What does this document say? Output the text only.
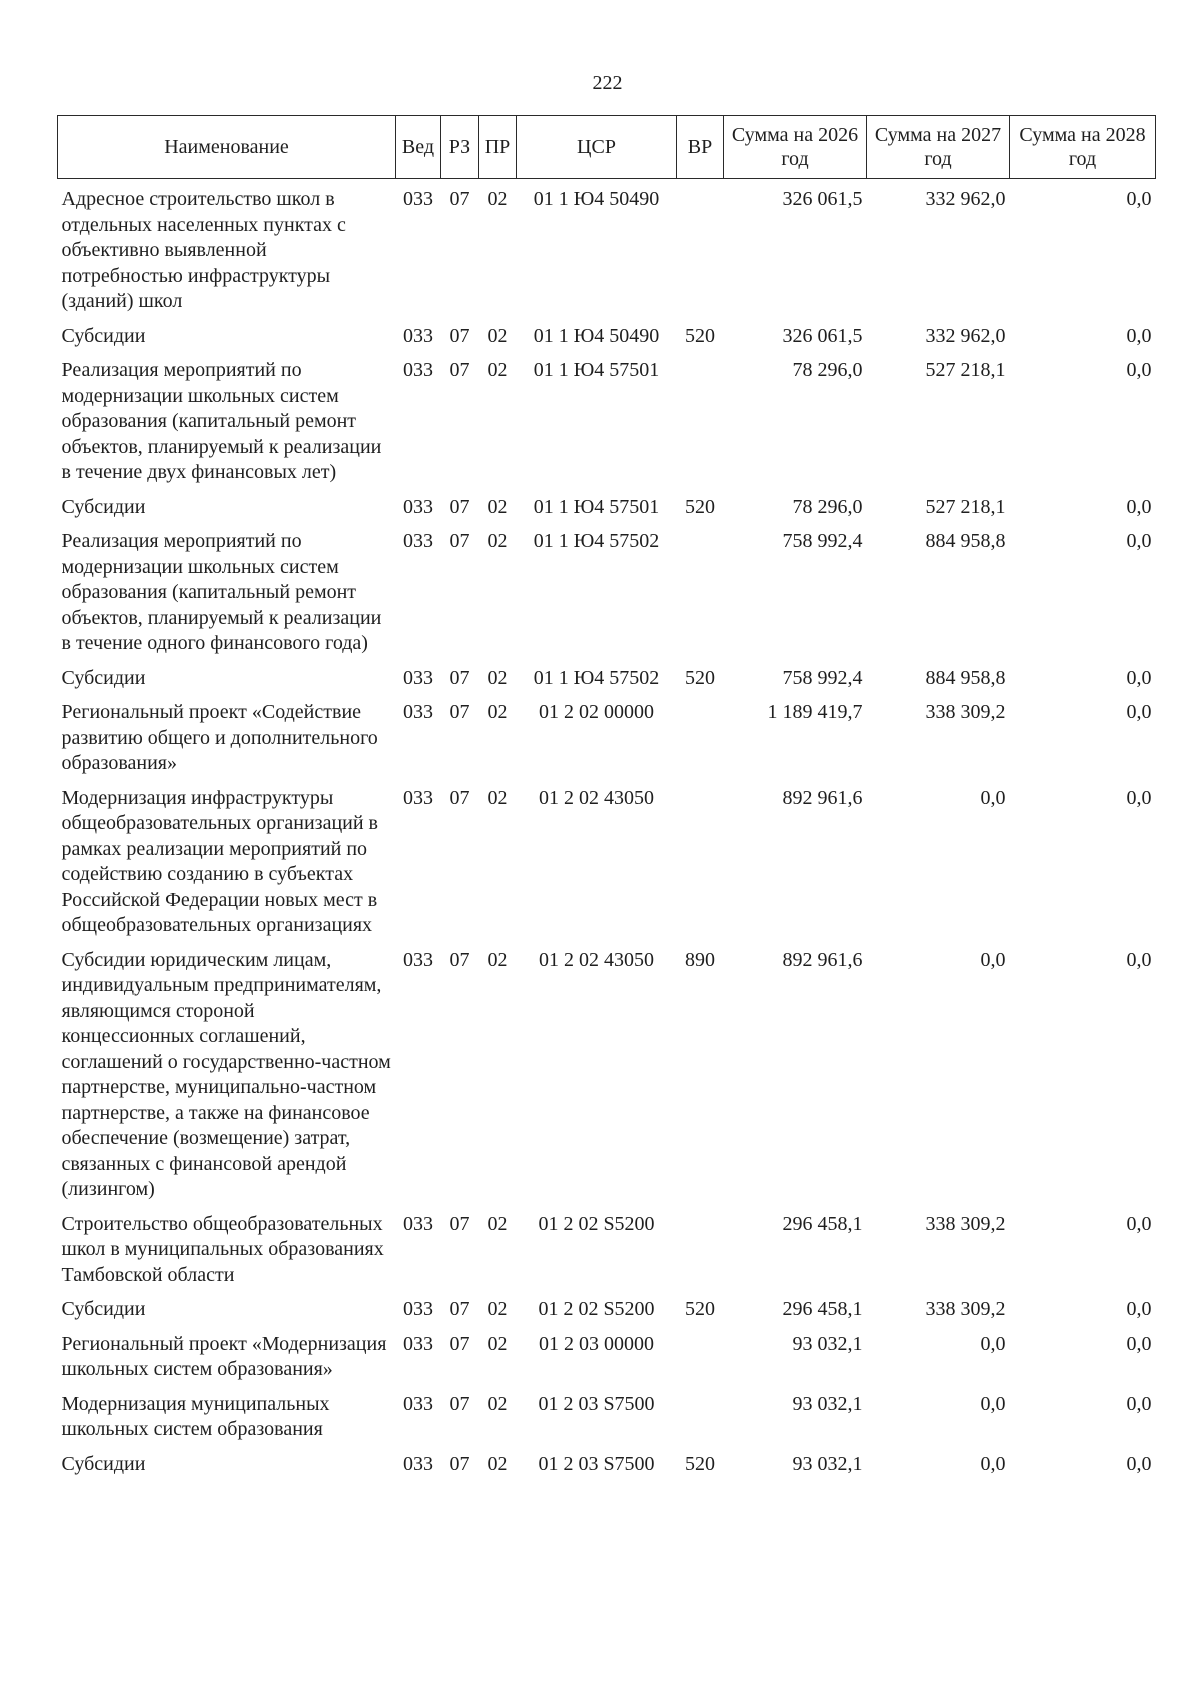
222
Наименование	Вед	РЗ	ПР	ЦСР	ВР	Сумма на 2026 год	Сумма на 2027 год	Сумма на 2028 год
Адресное строительство школ в отдельных населенных пунктах с объективно выявленной потребностью инфраструктуры (зданий) школ	033	07	02	01 1 Ю4 50490		326 061,5	332 962,0	0,0
Субсидии	033	07	02	01 1 Ю4 50490	520	326 061,5	332 962,0	0,0
Реализация мероприятий по модернизации школьных систем образования (капитальный ремонт объектов, планируемый к реализации в течение двух финансовых лет)	033	07	02	01 1 Ю4 57501		78 296,0	527 218,1	0,0
Субсидии	033	07	02	01 1 Ю4 57501	520	78 296,0	527 218,1	0,0
Реализация мероприятий по модернизации школьных систем образования (капитальный ремонт объектов, планируемый к реализации в течение одного финансового года)	033	07	02	01 1 Ю4 57502		758 992,4	884 958,8	0,0
Субсидии	033	07	02	01 1 Ю4 57502	520	758 992,4	884 958,8	0,0
Региональный проект «Содействие развитию общего и дополнительного образования»	033	07	02	01 2 02 00000		1 189 419,7	338 309,2	0,0
Модернизация инфраструктуры общеобразовательных организаций в рамках реализации мероприятий по содействию созданию в субъектах Российской Федерации новых мест в общеобразовательных организациях	033	07	02	01 2 02 43050		892 961,6	0,0	0,0
Субсидии юридическим лицам, индивидуальным предпринимателям, являющимся стороной концессионных соглашений, соглашений о государственно-частном партнерстве, муниципально-частном партнерстве, а также на финансовое обеспечение (возмещение) затрат, связанных с финансовой арендой (лизингом)	033	07	02	01 2 02 43050	890	892 961,6	0,0	0,0
Строительство общеобразовательных школ в муниципальных образованиях Тамбовской области	033	07	02	01 2 02 S5200		296 458,1	338 309,2	0,0
Субсидии	033	07	02	01 2 02 S5200	520	296 458,1	338 309,2	0,0
Региональный проект «Модернизация школьных систем образования»	033	07	02	01 2 03 00000		93 032,1	0,0	0,0
Модернизация муниципальных школьных систем образования	033	07	02	01 2 03 S7500		93 032,1	0,0	0,0
Субсидии	033	07	02	01 2 03 S7500	520	93 032,1	0,0	0,0
